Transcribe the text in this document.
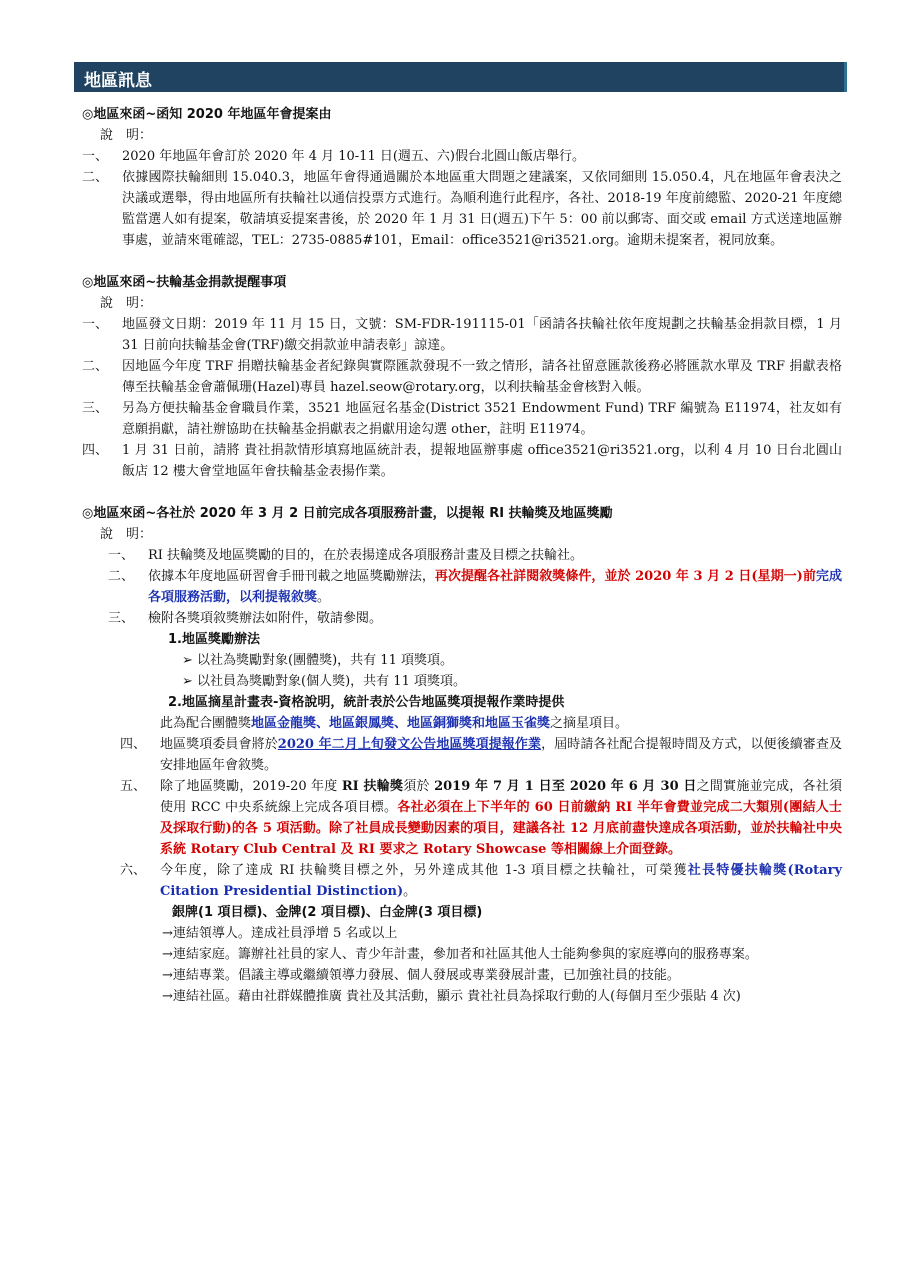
地區訊息
◎地區來函~函知 2020 年地區年會提案由
說　明：
一、 2020 年地區年會訂於 2020 年 4 月 10-11 日(週五、六)假台北圓山飯店舉行。
二、 依據國際扶輪細則 15.040.3，地區年會得通過關於本地區重大問題之建議案，又依同細則 15.050.4，凡在地區年會表決之決議或選舉，得由地區所有扶輪社以通信投票方式進行。為順利進行此程序，各社、2018-19 年度前總監、2020-21 年度總監當選人如有提案，敬請填妥提案書後，於 2020 年 1 月 31 日(週五)下午 5：00 前以郵寄、面交或 email 方式送達地區辦事處，並請來電確認，TEL：2735-0885#101，Email：office3521@ri3521.org。逾期未提案者，視同放棄。
◎地區來函~扶輪基金捐款提醒事項
說　明：
一、 地區發文日期：2019 年 11 月 15 日，文號：SM-FDR-191115-01「函請各扶輪社依年度規劃之扶輪基金捐款目標，1 月 31 日前向扶輪基金會(TRF)繳交捐款並申請表彰」諒達。
二、 因地區今年度 TRF 捐贈扶輪基金者紀錄與實際匯款發現不一致之情形，請各社留意匯款後務必將匯款水單及 TRF 捐獻表格傳至扶輪基金會蕭佩珊(Hazel)專員 hazel.seow@rotary.org，以利扶輪基金會核對入帳。
三、 另為方便扶輪基金會職員作業，3521 地區冠名基金(District 3521 Endowment Fund) TRF 編號為 E11974，社友如有意願捐獻，請社辦協助在扶輪基金捐獻表之捐獻用途勾選 other，註明 E11974。
四、 1 月 31 日前，請將 貴社捐款情形填寫地區統計表，提報地區辦事處 office3521@ri3521.org，以利 4 月 10 日台北圓山飯店 12 樓大會堂地區年會扶輪基金表揚作業。
◎地區來函~各社於 2020 年 3 月 2 日前完成各項服務計畫，以提報 RI 扶輪獎及地區獎勵
說　明：
一、 RI 扶輪獎及地區獎勵的目的，在於表揚達成各項服務計畫及目標之扶輪社。
二、 依據本年度地區研習會手冊刊載之地區獎勵辦法，再次提醒各社詳閱敘獎條件，並於 2020 年 3 月 2 日(星期一)前完成各項服務活動，以利提報敘獎。
三、 檢附各獎項敘獎辦法如附件，敬請參閱。
1.地區獎勵辦法
➢ 以社為獎勵對象(團體獎)，共有 11 項獎項。
➢ 以社員為獎勵對象(個人獎)，共有 11 項獎項。
2.地區摘星計畫表-資格說明，統計表於公告地區獎項提報作業時提供
此為配合團體獎地區金龍獎、地區銀鳳獎、地區銅獅獎和地區玉雀獎之摘星項目。
四、 地區獎項委員會將於2020 年二月上旬發文公告地區獎項提報作業，屆時請各社配合提報時間及方式，以便後續審查及安排地區年會敘獎。
五、 除了地區獎勵，2019-20 年度 RI 扶輪獎須於 2019 年 7 月 1 日至 2020 年 6 月 30 日之間實施並完成，各社須使用 RCC 中央系統線上完成各項目標。各社必須在上下半年的 60 日前繳納 RI 半年會費並完成二大類別(團結人士及採取行動)的各 5 項活動。除了社員成長變動因素的項目，建議各社 12 月底前盡快達成各項活動，並於扶輪社中央系統 Rotary Club Central 及 RI 要求之 Rotary Showcase 等相關線上介面登錄。
六、 今年度，除了達成 RI 扶輪獎目標之外，另外達成其他 1-3 項目標之扶輪社，可榮獲社長特優扶輪獎(Rotary Citation Presidential Distinction)。
銀牌(1 項目標)、金牌(2 項目標)、白金牌(3 項目標)
→連結領導人。達成社員淨增 5 名或以上
→連結家庭。籌辦社社員的家人、青少年計畫，參加者和社區其他人士能夠參與的家庭導向的服務專案。
→連結專業。倡議主導或繼續領導力發展、個人發展或專業發展計畫，已加強社員的技能。
→連結社區。藉由社群媒體推廣 貴社及其活動，顯示 貴社社員為採取行動的人(每個月至少張貼 4 次)
